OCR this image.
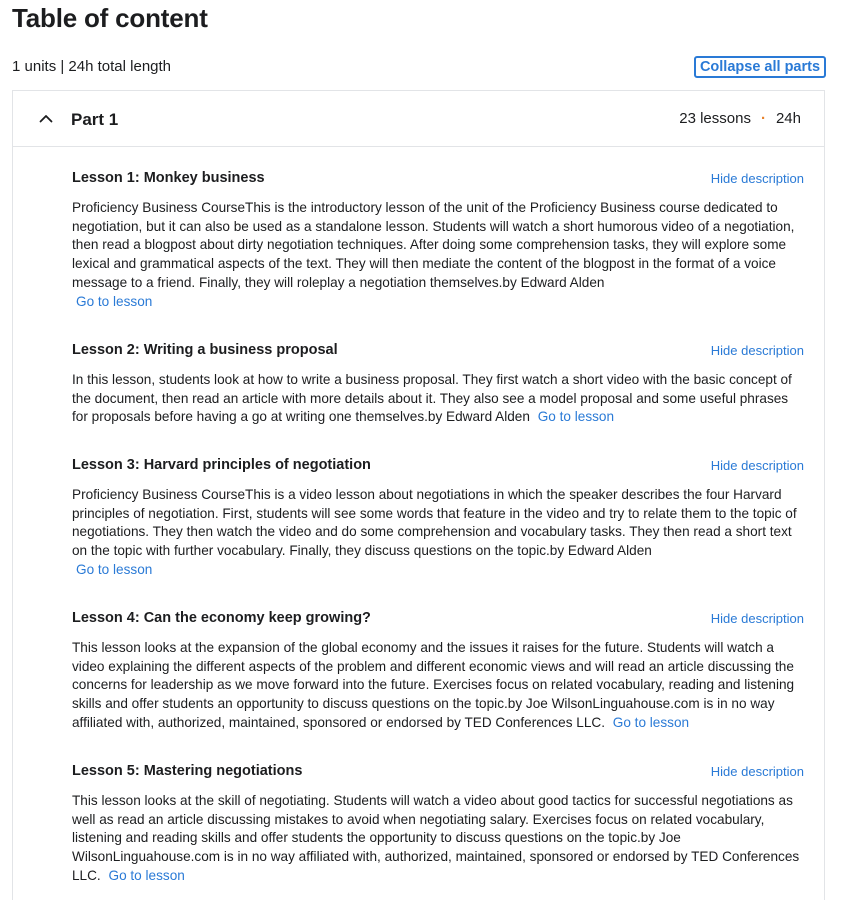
Table of content
1 units | 24h total length	Collapse all parts
Part 1	23 lessons · 24h
Lesson 1: Monkey business	Hide description
Proficiency Business CourseThis is the introductory lesson of the unit of the Proficiency Business course dedicated to negotiation, but it can also be used as a standalone lesson. Students will watch a short humorous video of a negotiation, then read a blogpost about dirty negotiation techniques. After doing some comprehension tasks, they will explore some lexical and grammatical aspects of the text. They will then mediate the content of the blogpost in the format of a voice message to a friend. Finally, they will roleplay a negotiation themselves.by Edward Alden
Go to lesson
Lesson 2: Writing a business proposal	Hide description
In this lesson, students look at how to write a business proposal. They first watch a short video with the basic concept of the document, then read an article with more details about it. They also see a model proposal and some useful phrases for proposals before having a go at writing one themselves.by Edward Alden Go to lesson
Lesson 3: Harvard principles of negotiation	Hide description
Proficiency Business CourseThis is a video lesson about negotiations in which the speaker describes the four Harvard principles of negotiation. First, students will see some words that feature in the video and try to relate them to the topic of negotiations. They then watch the video and do some comprehension and vocabulary tasks. They then read a short text on the topic with further vocabulary. Finally, they discuss questions on the topic.by Edward Alden
Go to lesson
Lesson 4: Can the economy keep growing?	Hide description
This lesson looks at the expansion of the global economy and the issues it raises for the future. Students will watch a video explaining the different aspects of the problem and different economic views and will read an article discussing the concerns for leadership as we move forward into the future. Exercises focus on related vocabulary, reading and listening skills and offer students an opportunity to discuss questions on the topic.by Joe WilsonLinguahouse.com is in no way affiliated with, authorized, maintained, sponsored or endorsed by TED Conferences LLC. Go to lesson
Lesson 5: Mastering negotiations	Hide description
This lesson looks at the skill of negotiating. Students will watch a video about good tactics for successful negotiations as well as read an article discussing mistakes to avoid when negotiating salary. Exercises focus on related vocabulary, listening and reading skills and offer students the opportunity to discuss questions on the topic.by Joe WilsonLinguahouse.com is in no way affiliated with, authorized, maintained, sponsored or endorsed by TED Conferences LLC. Go to lesson
